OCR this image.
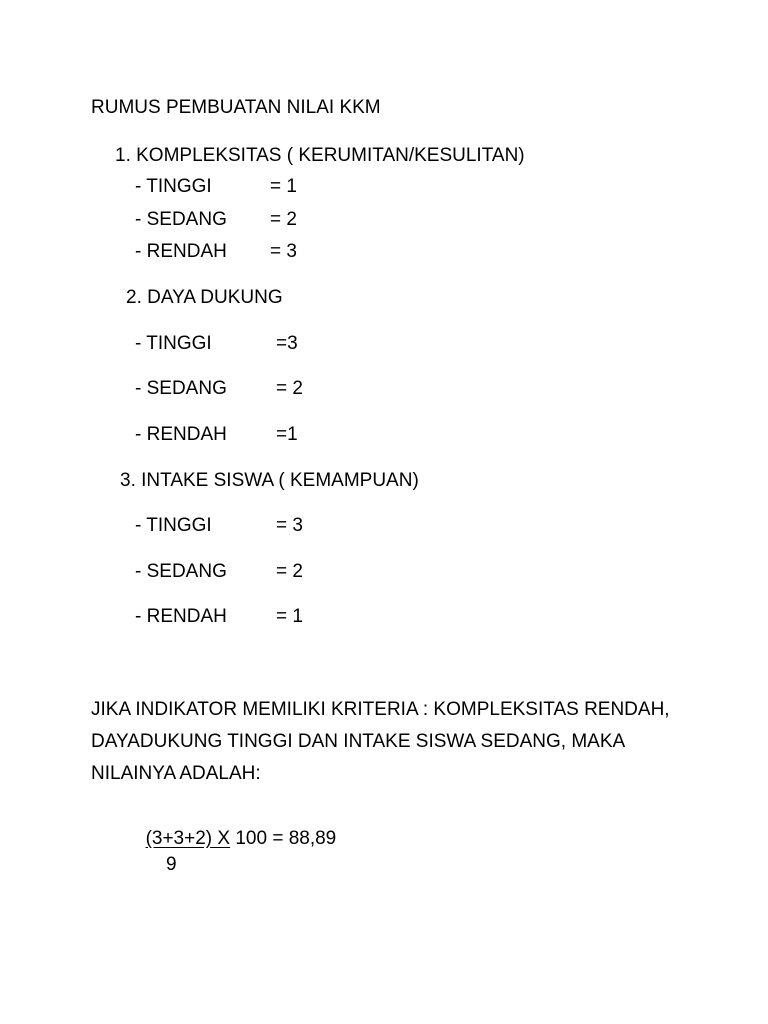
RUMUS PEMBUATAN NILAI KKM
1. KOMPLEKSITAS ( KERUMITAN/KESULITAN)
- TINGGI	= 1
- SEDANG = 2
- RENDAH = 3
2. DAYA DUKUNG
- TINGGI	=3
- SEDANG	= 2
- RENDAH	=1
3. INTAKE SISWA ( KEMAMPUAN)
- TINGGI	= 3
- SEDANG	= 2
- RENDAH	= 1
JIKA INDIKATOR MEMILIKI KRITERIA : KOMPLEKSITAS RENDAH,
DAYADUKUNG TINGGI DAN INTAKE SISWA SEDANG, MAKA
NILAINYA ADALAH:

(3+3+2) X 100 = 88,89

9
